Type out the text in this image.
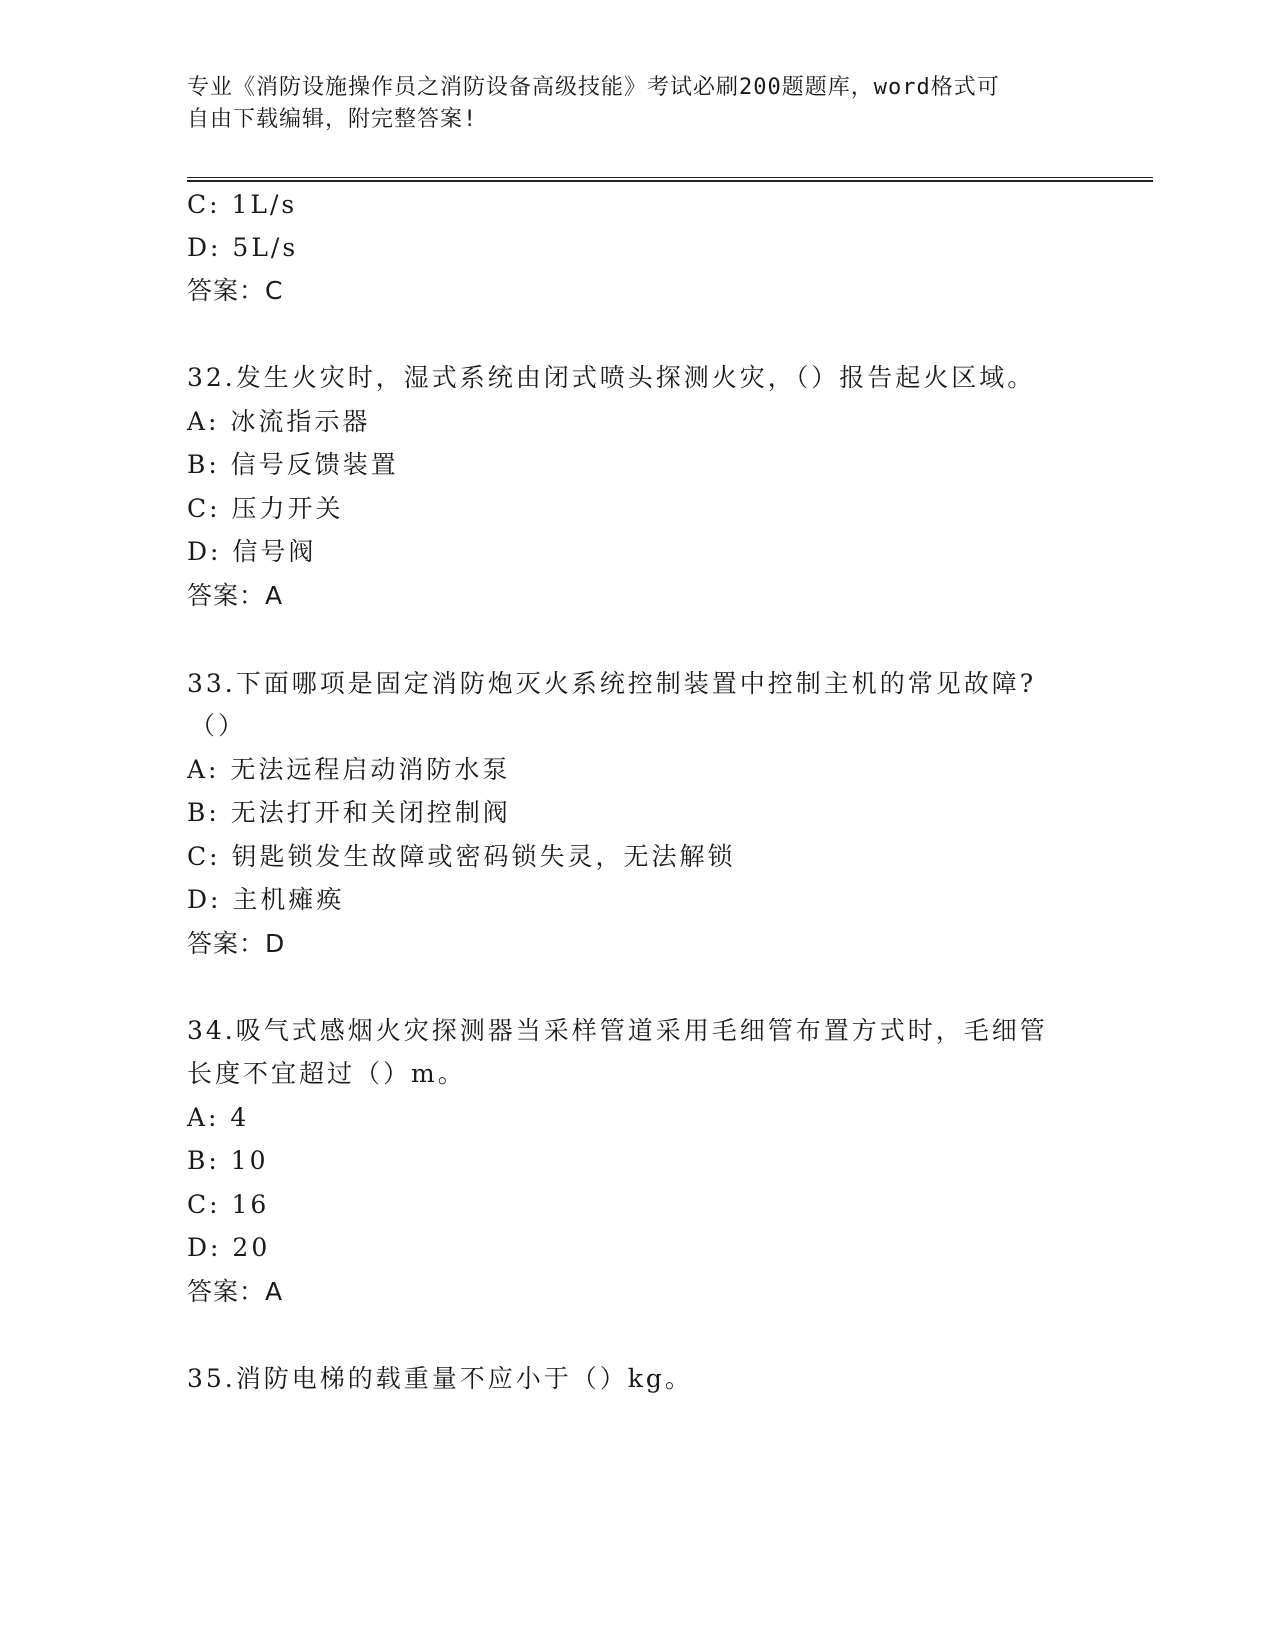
专业《消防设施操作员之消防设备高级技能》考试必刷200题题库，word格式可
自由下载编辑，附完整答案!
C: 1L/s
D: 5L/s
答案：C
32.发生火灾时，湿式系统由闭式喷头探测火灾，（）报告起火区域。
A: 冰流指示器
B: 信号反馈装置
C: 压力开关
D: 信号阀
答案：A
33.下面哪项是固定消防炮灭火系统控制装置中控制主机的常见故障?
（）
A: 无法远程启动消防水泵
B: 无法打开和关闭控制阀
C: 钥匙锁发生故障或密码锁失灵，无法解锁
D: 主机瘫痪
答案：D
34.吸气式感烟火灾探测器当采样管道采用毛细管布置方式时，毛细管
长度不宜超过（）m。
A: 4
B: 10
C: 16
D: 20
答案：A
35.消防电梯的载重量不应小于（）kg。
